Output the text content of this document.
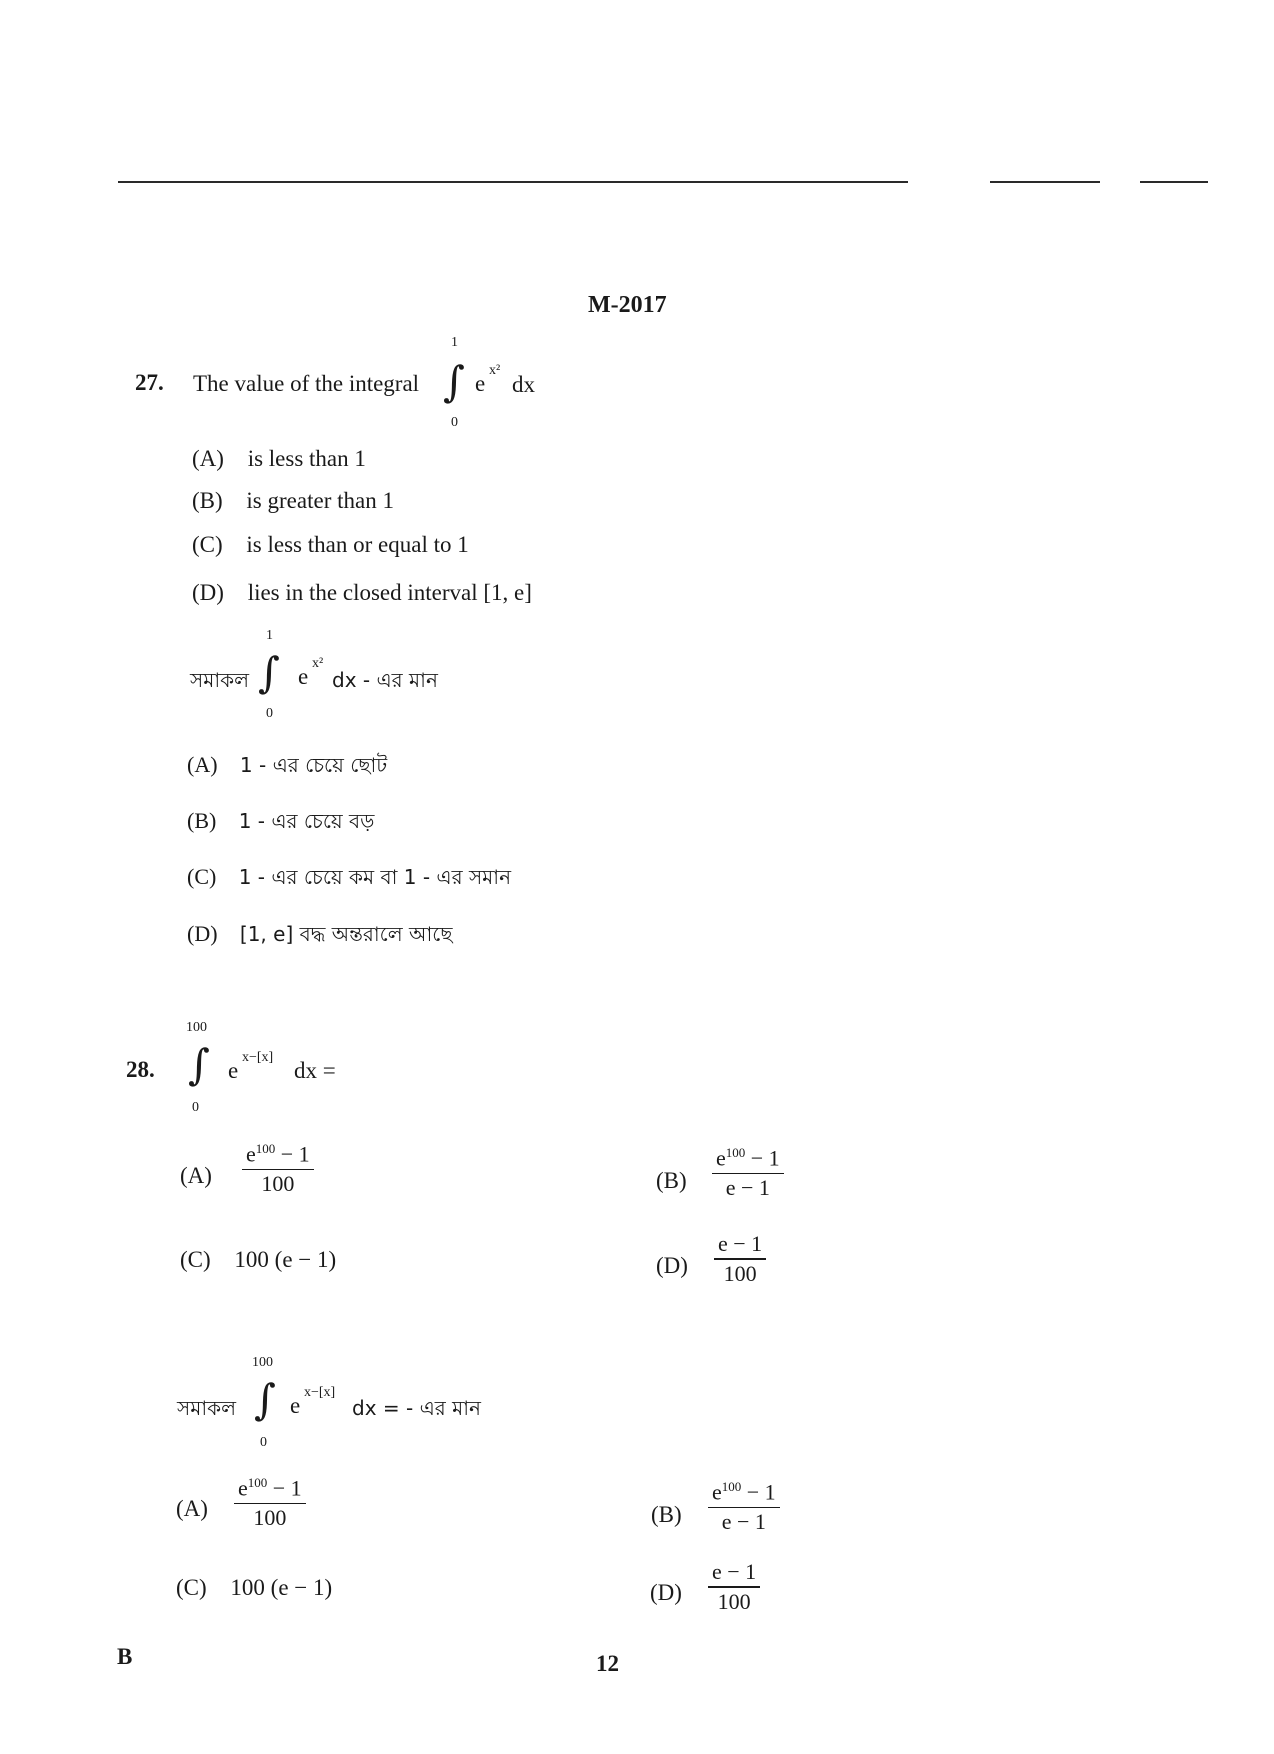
M-2017
27. The value of the integral
1
∫
0
e
x²
dx
(A) is less than 1
(B) is greater than 1
(C) is less than or equal to 1
(D) lies in the closed interval [1, e]
সমাকল
1
∫
0
e
x²
dx - এর মান
(A) 1 - এর চেয়ে ছোট
(B) 1 - এর চেয়ে বড়
(C) 1 - এর চেয়ে কম বা 1 - এর সমান
(D) [1, e] বদ্ধ অন্তরালে আছে
28.
100
∫
0
e
x−[x]
dx =
(A)
$e^{100} - 1$
100	(B)
$e^{100} - 1$
e − 1
(C) 100 (e − 1)	(D)
e − 1
100
সমাকল
100
∫
0
e
x−[x]
dx = - এর মান
(A)
$e^{100} - 1$
100	(B)
$e^{100} - 1$
e − 1
(C) 100 (e − 1)	(D)
e − 1
100
B	12
